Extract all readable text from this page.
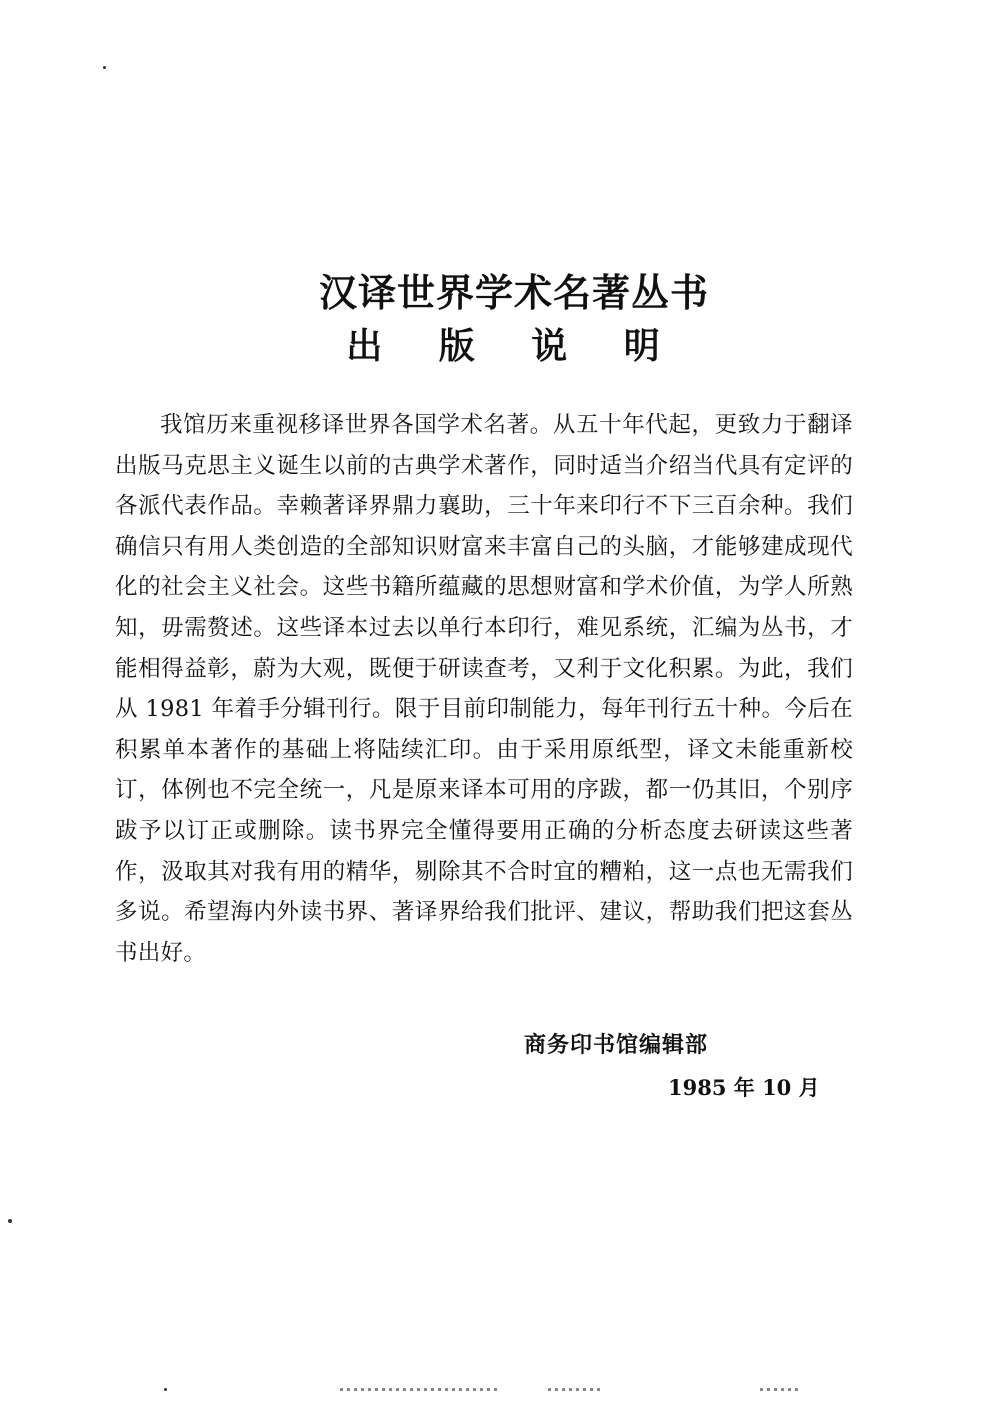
汉译世界学术名著丛书
出 版 说 明
我馆历来重视移译世界各国学术名著。从五十年代起，更致力于翻译出版马克思主义诞生以前的古典学术著作，同时适当介绍当代具有定评的各派代表作品。幸赖著译界鼎力襄助，三十年来印行不下三百余种。我们确信只有用人类创造的全部知识财富来丰富自己的头脑，才能够建成现代化的社会主义社会。这些书籍所蕴藏的思想财富和学术价值，为学人所熟知，毋需赘述。这些译本过去以单行本印行，难见系统，汇编为丛书，才能相得益彰，蔚为大观，既便于研读查考，又利于文化积累。为此，我们从 1981 年着手分辑刊行。限于目前印制能力，每年刊行五十种。今后在积累单本著作的基础上将陆续汇印。由于采用原纸型，译文未能重新校订，体例也不完全统一，凡是原来译本可用的序跋，都一仍其旧，个别序跋予以订正或删除。读书界完全懂得要用正确的分析态度去研读这些著作，汲取其对我有用的精华，剔除其不合时宜的糟粕，这一点也无需我们多说。希望海内外读书界、著译界给我们批评、建议，帮助我们把这套丛书出好。
商务印书馆编辑部
1985 年 10 月
